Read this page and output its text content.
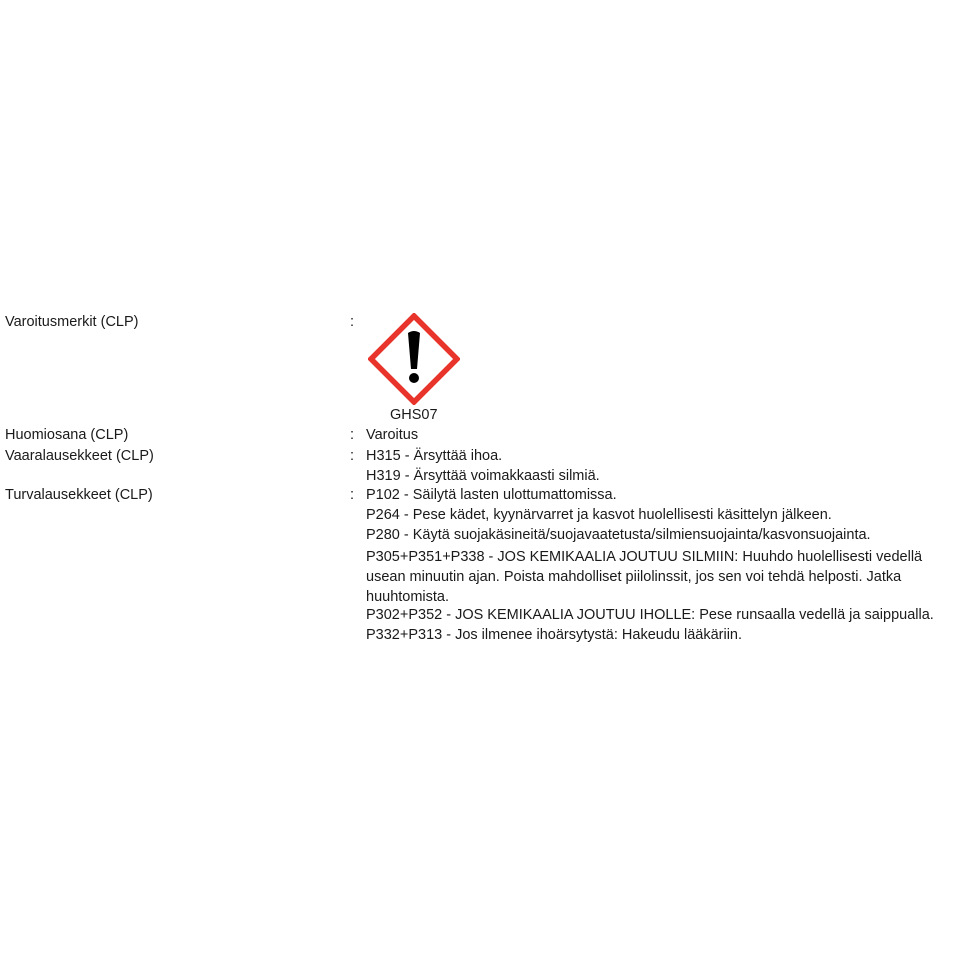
Varoitusmerkit (CLP)	:
GHS07
Huomiosana (CLP)	: Varoitus
Vaaralausekkeet (CLP)	: H315 - Ärsyttää ihoa.
H319 - Ärsyttää voimakkaasti silmiä.
Turvalausekkeet (CLP)	: P102 - Säilytä lasten ulottumattomissa.
P264 - Pese kädet, kyynärvarret ja kasvot huolellisesti käsittelyn jälkeen.
P280 - Käytä suojakäsineitä/suojavaatetusta/silmiensuojainta/kasvonsuojainta.
P305+P351+P338 - JOS KEMIKAALIA JOUTUU SILMIIN: Huuhdo huolellisesti vedellä usean minuutin ajan. Poista mahdolliset piilolinssit, jos sen voi tehdä helposti. Jatka huuhtomista.
P302+P352 - JOS KEMIKAALIA JOUTUU IHOLLE: Pese runsaalla vedellä ja saippualla.
P332+P313 - Jos ilmenee ihoärsytystä: Hakeudu lääkäriin.
